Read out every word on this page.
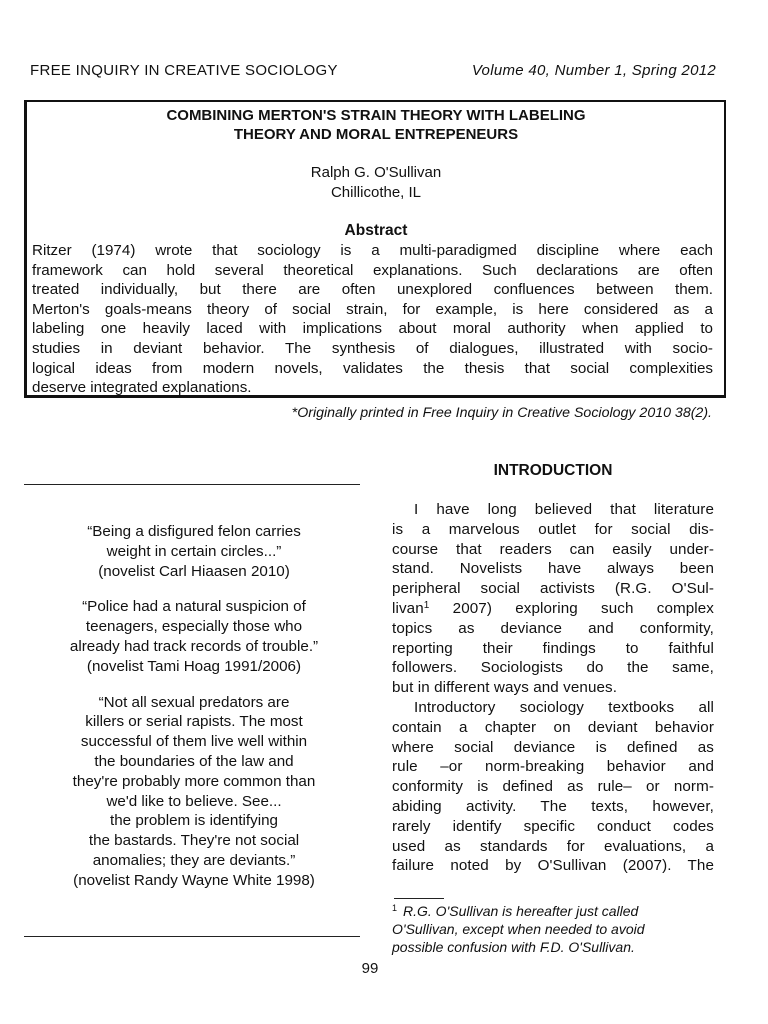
FREE INQUIRY IN CREATIVE SOCIOLOGY	Volume 40, Number 1, Spring 2012
COMBINING MERTON'S STRAIN THEORY WITH LABELING
THEORY AND MORAL ENTREPENEURS
Ralph G. O'Sullivan
Chillicothe, IL
Abstract
Ritzer (1974) wrote that sociology is a multi-paradigmed discipline where each
framework can hold several theoretical explanations. Such declarations are often
treated individually, but there are often unexplored confluences between them.
Merton's goals-means theory of social strain, for example, is here considered as a
labeling one heavily laced with implications about moral authority when applied to
studies in deviant behavior. The synthesis of dialogues, illustrated with socio-
logical ideas from modern novels, validates the thesis that social complexities
deserve integrated explanations.
*Originally printed in Free Inquiry in Creative Sociology 2010 38(2).
“Being a disfigured felon carries
weight in certain circles...”
(novelist Carl Hiaasen 2010)
“Police had a natural suspicion of
teenagers, especially those who
already had track records of trouble.”
(novelist Tami Hoag 1991/2006)
“Not all sexual predators are
killers or serial rapists. The most
successful of them live well within
the boundaries of the law and
they're probably more common than
we'd like to believe. See...
the problem is identifying
the bastards. They're not social
anomalies; they are deviants.”
(novelist Randy Wayne White 1998)
INTRODUCTION
I have long believed that literature
is a marvelous outlet for social dis-
course that readers can easily under-
stand. Novelists have always been
peripheral social activists (R.G. O'Sul-
livan$^1$ 2007) exploring such complex
topics as deviance and conformity,
reporting their findings to faithful
followers. Sociologists do the same,
but in different ways and venues.
Introductory sociology textbooks all
contain a chapter on deviant behavior
where social deviance is defined as
rule –or norm-breaking behavior and
conformity is defined as rule– or norm-
abiding activity. The texts, however,
rarely identify specific conduct codes
used as standards for evaluations, a
failure noted by O'Sullivan (2007). The
$^1$ R.G. O'Sullivan is hereafter just called
O'Sullivan, except when needed to avoid
possible confusion with F.D. O'Sullivan.
99
